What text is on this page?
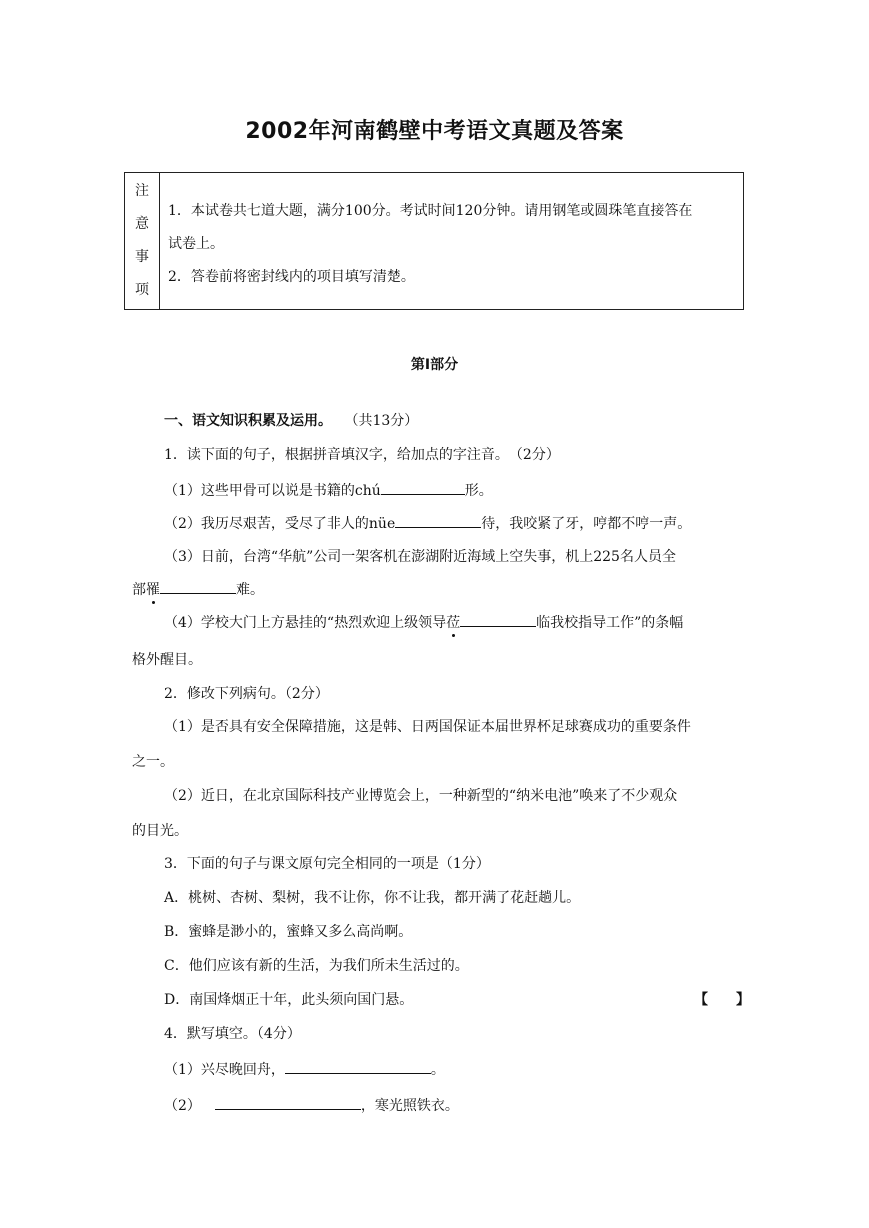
2002年河南鹤壁中考语文真题及答案
注
意
事
项

1．本试卷共七道大题，满分100分。考试时间120分钟。请用钢笔或圆珠笔直接答在

试卷上。

2．答卷前将密封线内的项目填写清楚。

第Ⅰ部分
一、语文知识积累及运用。 （共13分）
1．读下面的句子，根据拼音填汉字，给加点的字注音。　（2分）
（1）这些甲骨可以说是书籍的chú	形。
（2）我历尽艰苦，受尽了非人的nüe	待，我咬紧了牙，哼都不哼一声。
（3）日前，台湾“华航”公司一架客机在澎湖附近海域上空失事，机上225名人员全
部罹	难。
（4）学校大门上方悬挂的“热烈欢迎上级领导莅	临我校指导工作”的条幅
格外醒目。
2．修改下列病句。（2分）
（1）是否具有安全保障措施，这是韩、日两国保证本届世界杯足球赛成功的重要条件
之一。
（2）近日，在北京国际科技产业博览会上，一种新型的“纳米电池”唤来了不少观众
的目光。
3．下面的句子与课文原句完全相同的一项是（1分）
A．桃树、杏树、梨树，我不让你，你不让我，都开满了花赶趟儿。
B．蜜蜂是渺小的，蜜蜂又多么高尚啊。
C．他们应该有新的生活，为我们所未生活过的。
D．南国烽烟正十年，此头须向国门悬。	【　　】
4．默写填空。（4分）
（1）兴尽晚回舟，	。
（2）	，寒光照铁衣。
